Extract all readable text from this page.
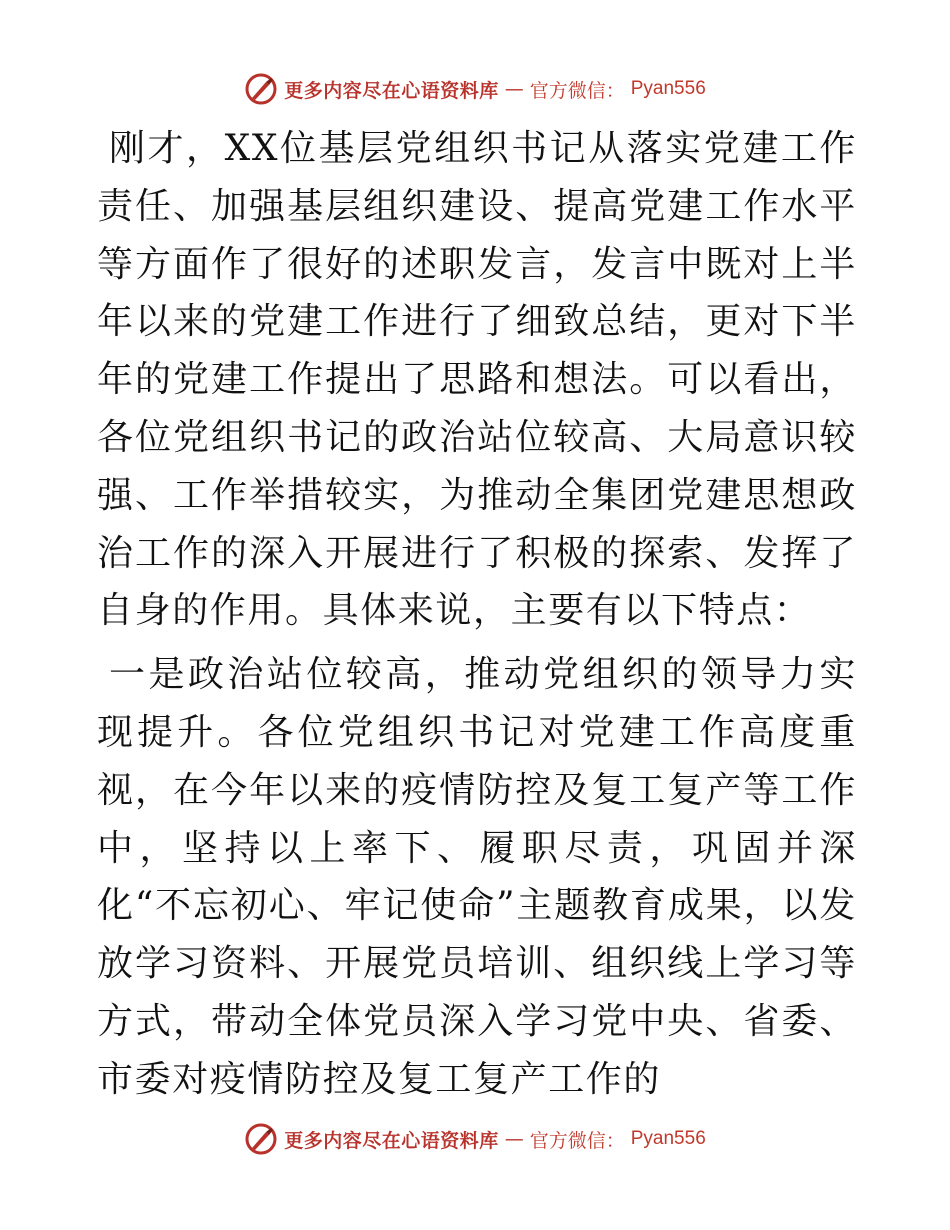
更多内容尽在心语资料库 — 官方微信： Pyan556

刚才，XX位基层党组织书记从落实党建工作责任、加强基层组织建设、提高党建工作水平等方面作了很好的述职发言，发言中既对上半年以来的党建工作进行了细致总结，更对下半年的党建工作提出了思路和想法。可以看出，各位党组织书记的政治站位较高、大局意识较强、工作举措较实，为推动全集团党建思想政治工作的深入开展进行了积极的探索、发挥了自身的作用。具体来说，主要有以下特点：

一是政治站位较高，推动党组织的领导力实现提升。各位党组织书记对党建工作高度重视，在今年以来的疫情防控及复工复产等工作中，坚持以上率下、履职尽责，巩固并深化“不忘初心、牢记使命”主题教育成果，以发放学习资料、开展党员培训、组织线上学习等方式，带动全体党员深入学习党中央、省委、市委对疫情防控及复工复产工作的

更多内容尽在心语资料库 — 官方微信： Pyan556
